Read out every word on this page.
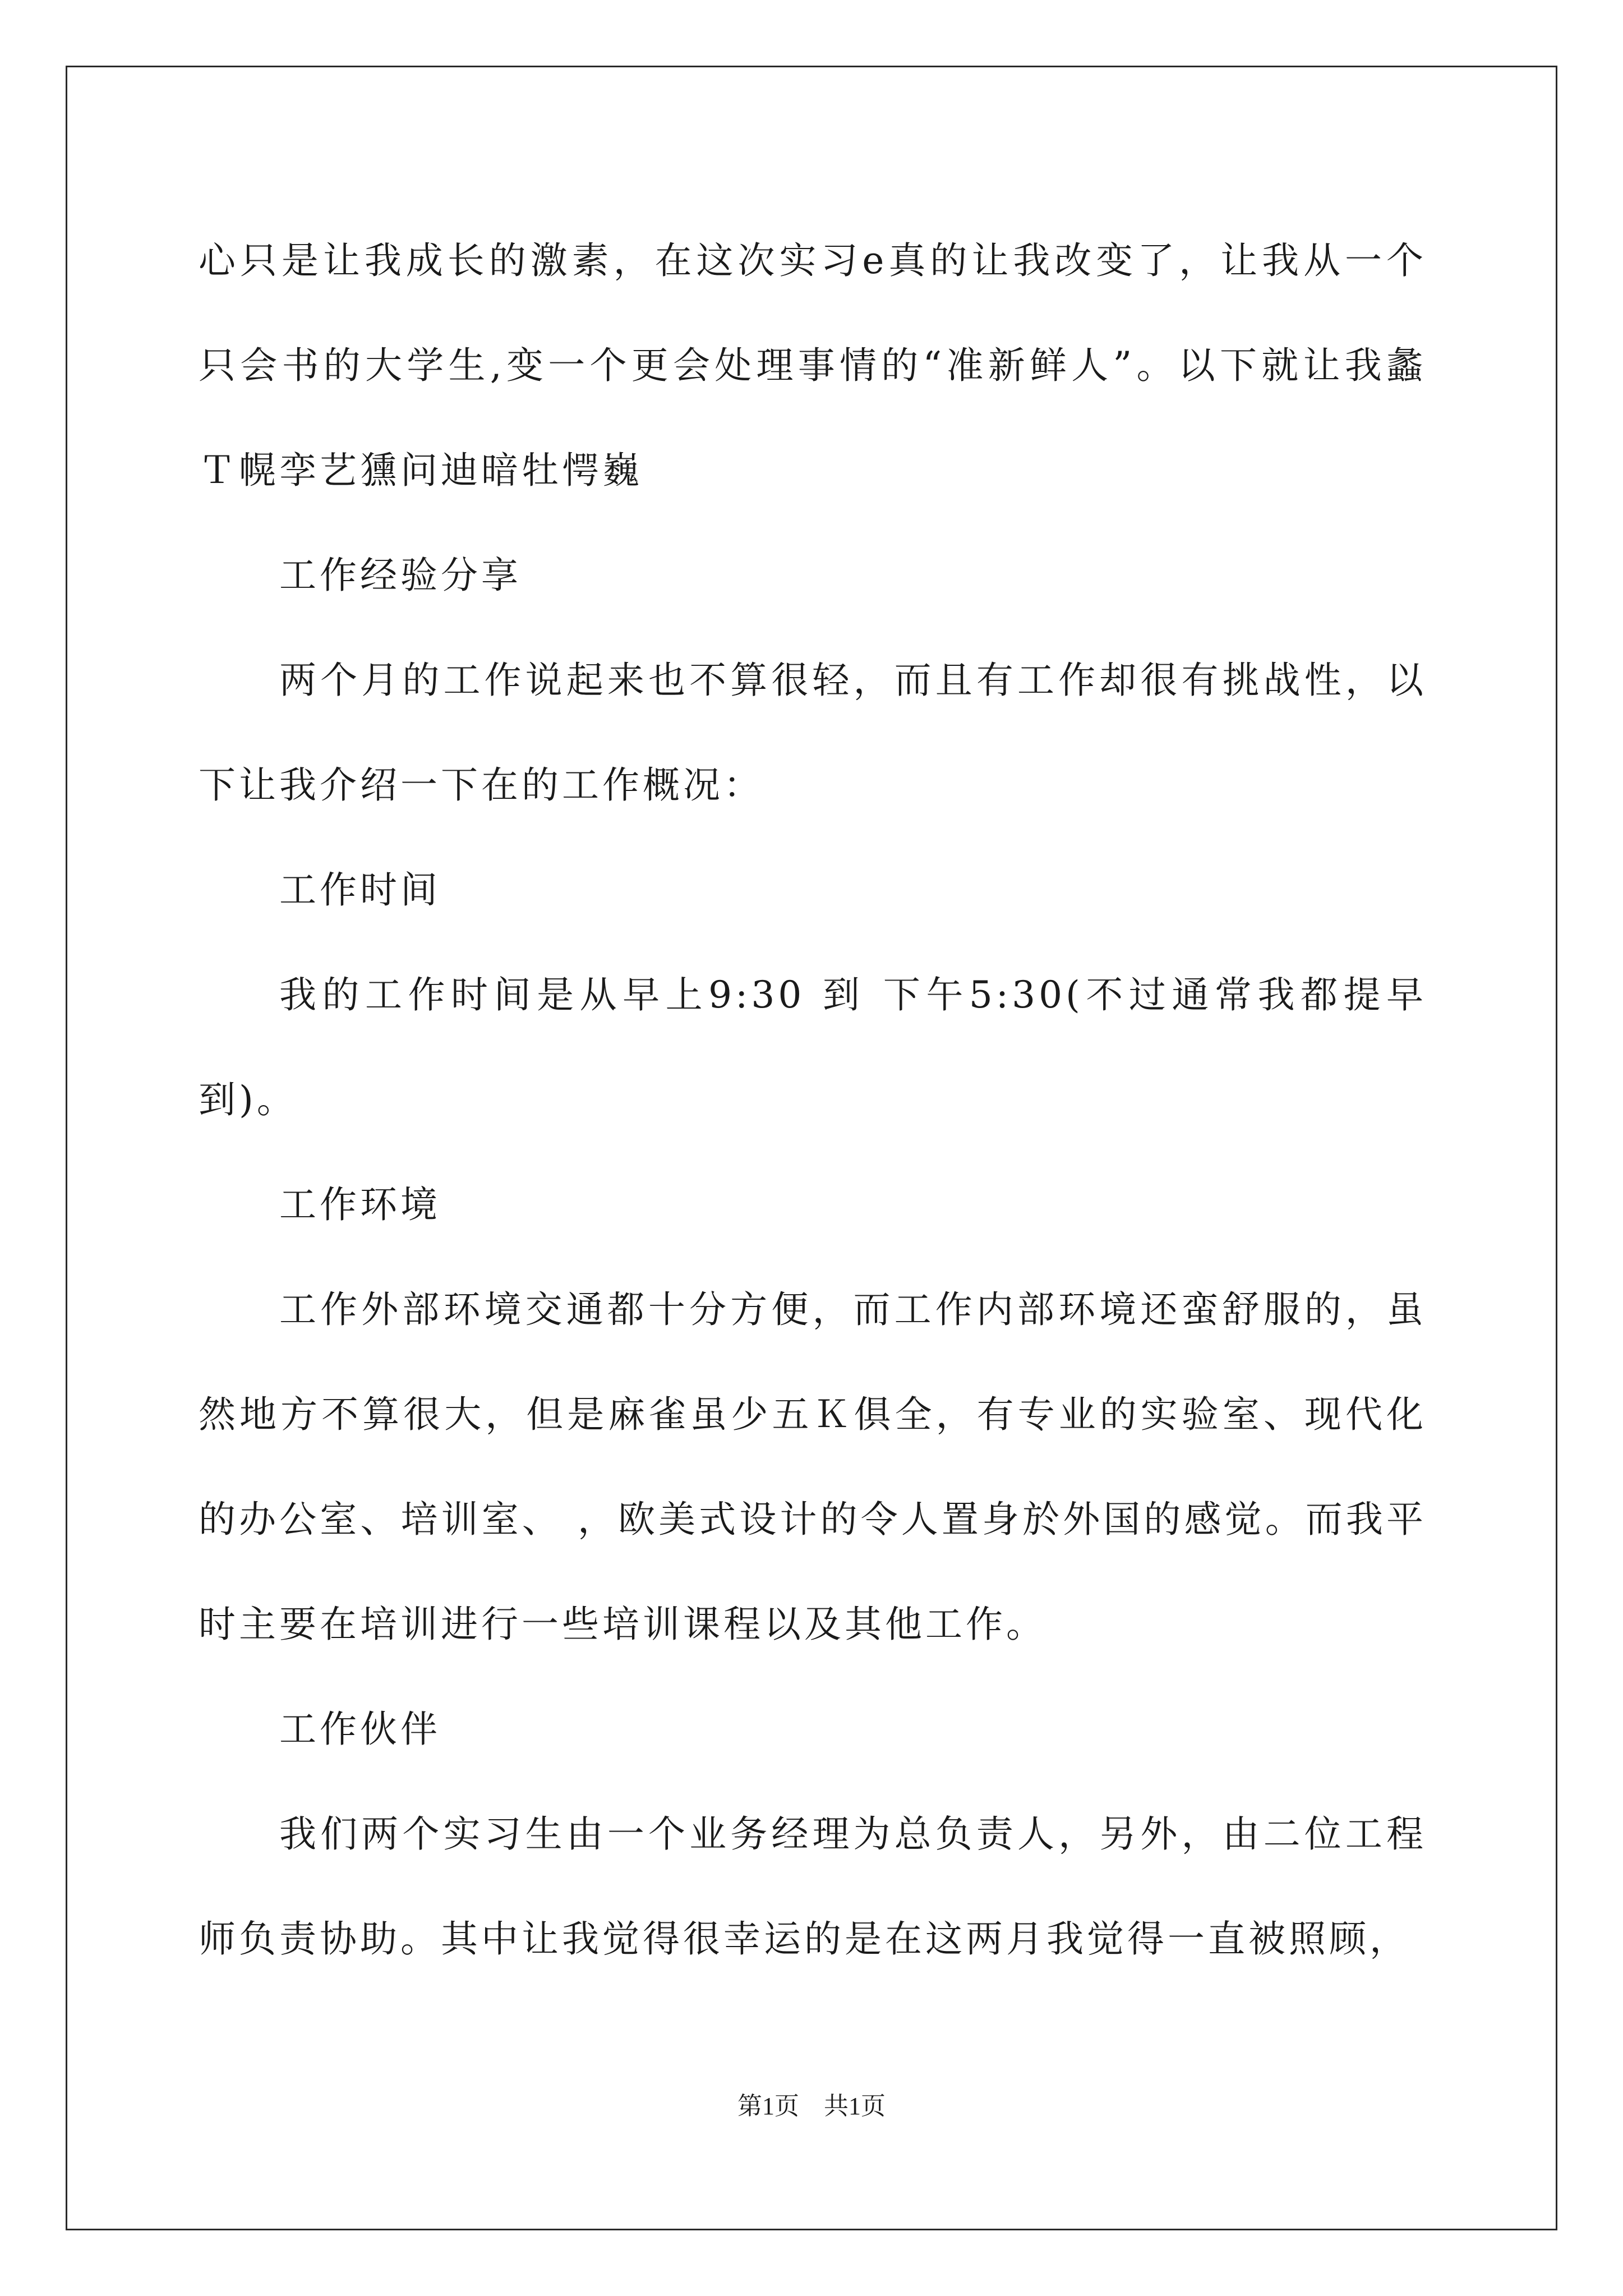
心只是让我成长的激素，在这次实习e真的让我改变了，让我从一个只会书的大学生,变一个更会处理事情的“准新鲜人”。以下就让我蠡Ｔ幌孪艺獯问迪暗牡愕巍

工作经验分享

两个月的工作说起来也不算很轻，而且有工作却很有挑战性，以下让我介绍一下在的工作概况：

工作时间

我的工作时间是从早上9:30 到 下午5:30(不过通常我都提早到)。

工作环境

工作外部环境交通都十分方便，而工作内部环境还蛮舒服的，虽然地方不算很大，但是麻雀虽少五Ｋ俱全，有专业的实验室、现代化的办公室、培训室、 ，欧美式设计的令人置身於外国的感觉。而我平时主要在培训进行一些培训课程以及其他工作。

工作伙伴

我们两个实习生由一个业务经理为总负责人，另外，由二位工程师负责协助。其中让我觉得很幸运的是在这两月我觉得一直被照顾，

第1页　共1页
